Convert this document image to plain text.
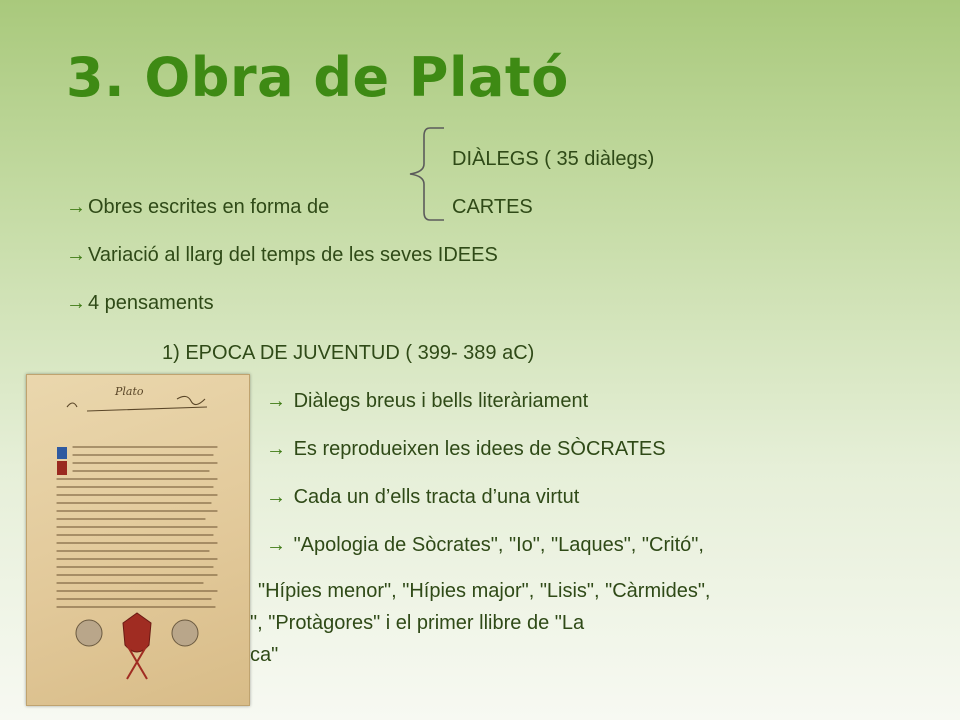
3. Obra de Plató
DIÀLEGS ( 35 diàlegs)
CARTES
→ Obres escrites en forma de
→ Variació al llarg del temps de les seves IDEES
→ 4 pensaments
1) EPOCA DE JUVENTUD ( 399- 389 aC)
→ Diàlegs breus i bells literàriament
→ Es reprodueixen les idees de SÒCRATES
→ Cada un d’ells tracta d’una virtut
→ "Apologia de Sòcrates", "Io", "Laques", "Critó",
"Hípies menor", "Hípies major", "Lisis", "Càrmides",
", "Protàgores" i el primer llibre de "La
ca"
Plato
